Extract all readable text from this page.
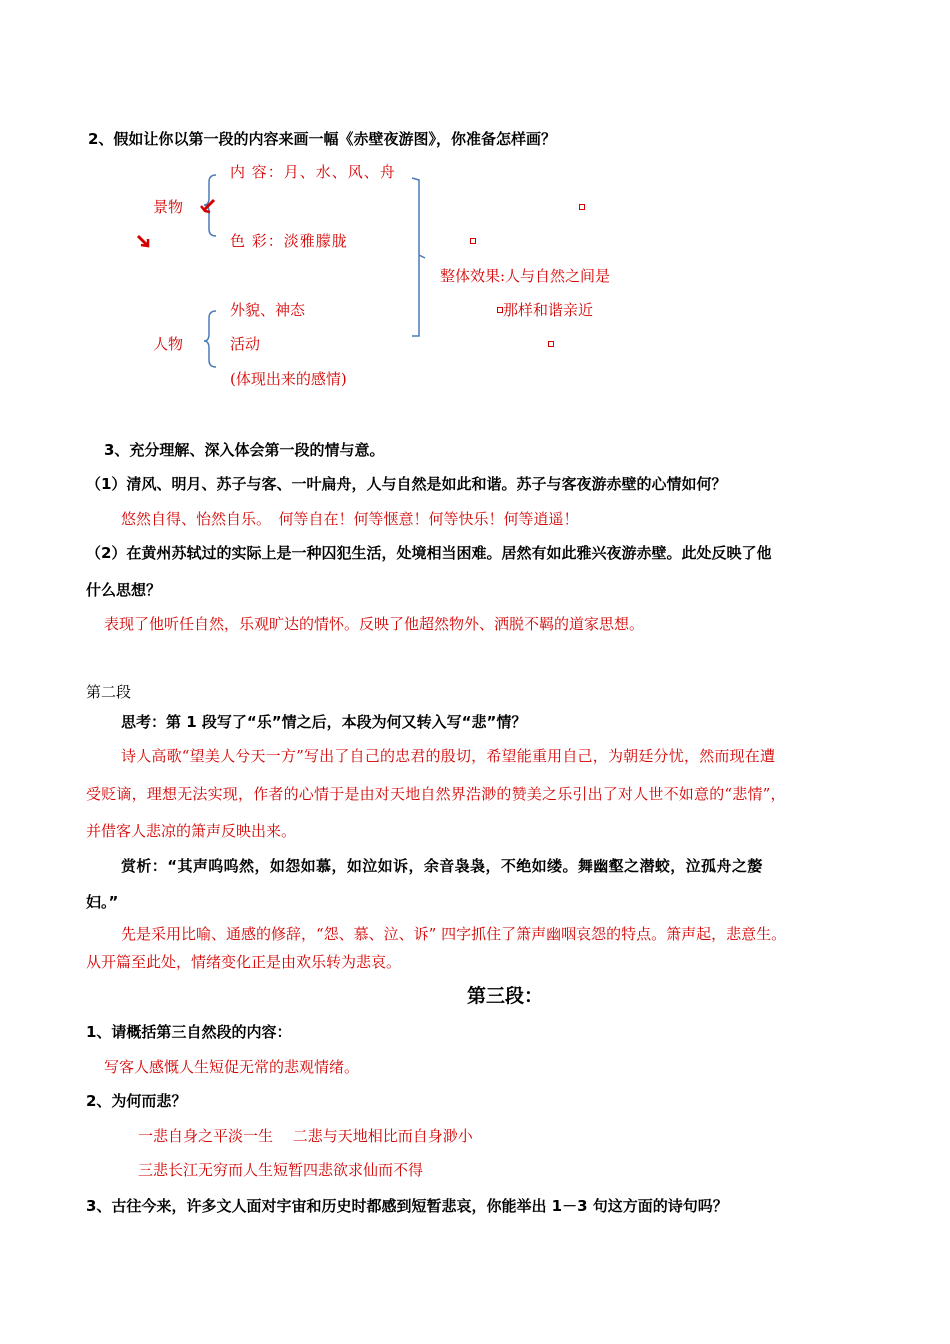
2、假如让你以第一段的内容来画一幅《赤壁夜游图》，你准备怎样画？
景物
内 容：月、水、风、舟
色 彩：淡雅朦胧
人物
外貌、神态
活动
(体现出来的感情)
整体效果:人与自然之间是
那样和谐亲近
3、充分理解、深入体会第一段的情与意。
（1）清风、明月、苏子与客、一叶扁舟，人与自然是如此和谐。苏子与客夜游赤壁的心情如何？
悠然自得、怡然自乐。　何等自在！何等惬意！何等快乐！何等逍遥！
（2）在黄州苏轼过的实际上是一种囚犯生活，处境相当困难。居然有如此雅兴夜游赤壁。此处反映了他
什么思想？
表现了他听任自然，乐观旷达的情怀。反映了他超然物外、洒脱不羁的道家思想。
第二段
思考：第 1 段写了“乐”情之后，本段为何又转入写“悲”情？
诗人高歌“望美人兮天一方”写出了自己的忠君的殷切，希望能重用自己，为朝廷分忧，然而现在遭
受贬谪，理想无法实现，作者的心情于是由对天地自然界浩渺的赞美之乐引出了对人世不如意的“悲情”，
并借客人悲凉的箫声反映出来。
赏析：“其声呜呜然，如怨如慕，如泣如诉，余音袅袅，不绝如缕。舞幽壑之潜蛟，泣孤舟之嫠
妇。”
先是采用比喻、通感的修辞，“怨、慕、泣、诉” 四字抓住了箫声幽咽哀怨的特点。箫声起，悲意生。
从开篇至此处，情绪变化正是由欢乐转为悲哀。
第三段：
1、请概括第三自然段的内容：
写客人感慨人生短促无常的悲观情绪。
2、为何而悲？
一悲自身之平淡一生　 二悲与天地相比而自身渺小
三悲长江无穷而人生短暂四悲欲求仙而不得
3、古往今来，许多文人面对宇宙和历史时都感到短暂悲哀，你能举出 1－3 句这方面的诗句吗？
